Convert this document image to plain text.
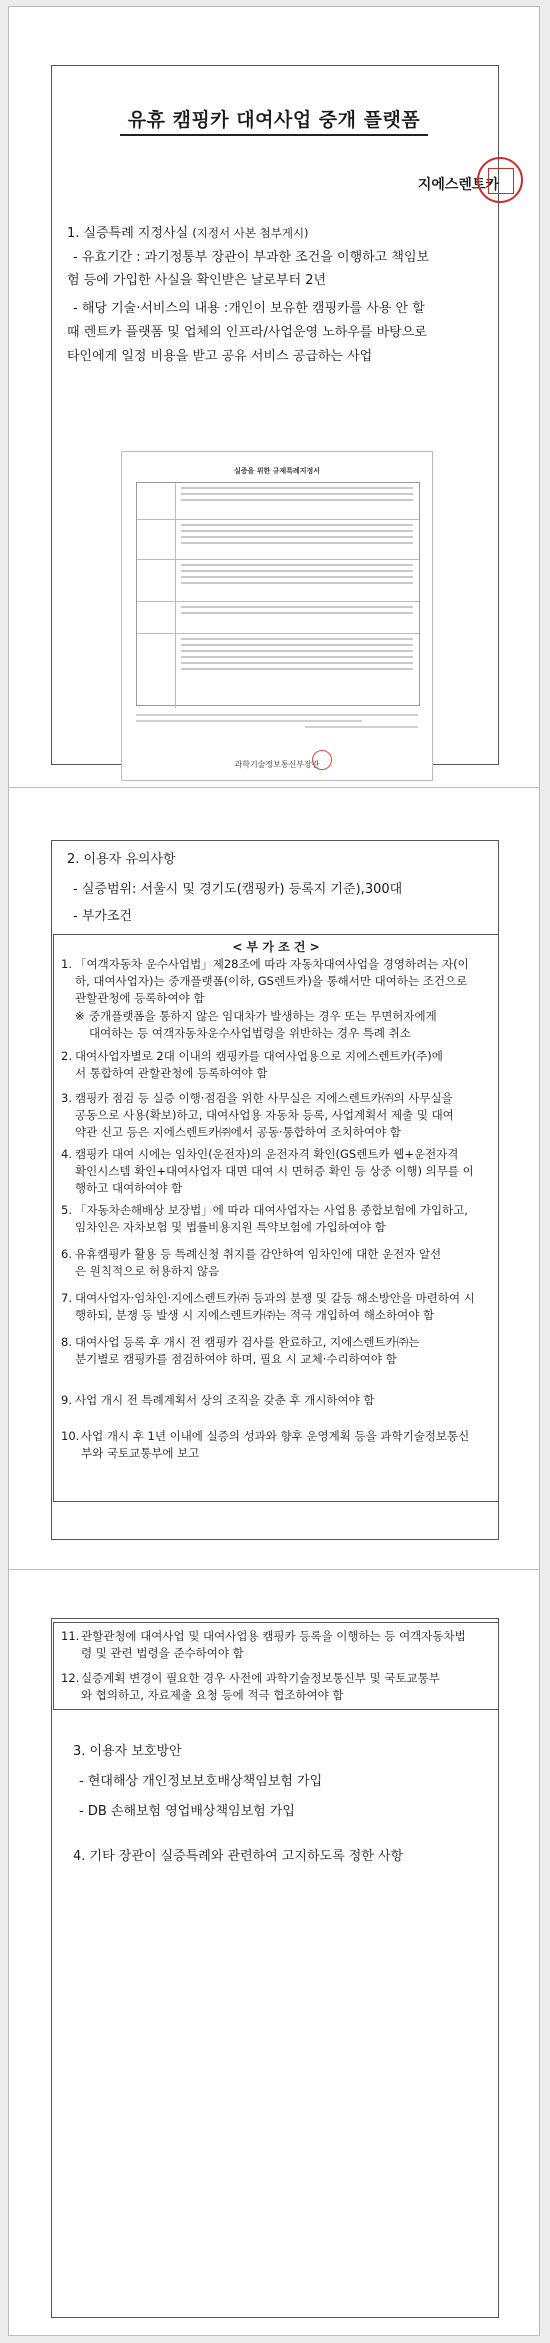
유휴 캠핑카 대여사업 중개 플랫폼
지에스렌트카
1. 실증특례 지정사실 (지정서 사본 첨부게시)
- 유효기간 : 과기정통부 장관이 부과한 조건을 이행하고 책임보
험 등에 가입한 사실을 확인받은 날로부터 2년
- 해당 기술·서비스의 내용 :개인이 보유한 캠핑카를 사용 안 할
때 렌트카 플랫폼 및 업체의 인프라/사업운영 노하우를 바탕으로
타인에게 일정 비용을 받고 공유 서비스 공급하는 사업
실증을 위한 규제특례지정서
과학기술정보통신부장관
2. 이용자 유의사항
- 실증범위: 서울시 및 경기도(캠핑카) 등록지 기준),300대
- 부가조건
< 부 가 조 건 >
1. 「여객자동차 운수사업법」제28조에 따라 자동차대여사업을 경영하려는 자(이
하, 대여사업자)는 중개플랫폼(이하, GS렌트카)을 통해서만 대여하는 조건으로
관할관청에 등록하여야 함
※ 중개플랫폼을 통하지 않은 임대차가 발생하는 경우 또는 무면허자에게
대여하는 등 여객자동차운수사업법령을 위반하는 경우 특례 취소
2. 대여사업자별로 2대 이내의 캠핑카를 대여사업용으로 지에스렌트카(주)에
서 통합하여 관할관청에 등록하여야 함
3. 캠핑카 점검 등 실증 이행·점검을 위한 사무실은 지에스렌트카㈜의 사무실을
공동으로 사용(확보)하고, 대여사업용 자동차 등록, 사업계획서 제출 및 대여
약관 신고 등은 지에스렌트카㈜에서 공동·통합하여 조치하여야 함
4. 캠핑카 대여 시에는 임차인(운전자)의 운전자격 확인(GS렌트카 웹+운전자격
확인시스템 확인+대여사업자 대면 대여 시 면허증 확인 등 상중 이행) 의무를 이
행하고 대여하여야 함
5. 「자동차손해배상 보장법」에 따라 대여사업자는 사업용 종합보험에 가입하고,
임차인은 자차보험 및 법률비용지원 특약보험에 가입하여야 함
6. 유휴캠핑카 활용 등 특례신청 취지를 감안하여 임차인에 대한 운전자 알선
은 원칙적으로 허용하지 않음
7. 대여사업자·임차인·지에스렌트카㈜ 등과의 분쟁 및 갈등 해소방안을 마련하여 시
행하되, 분쟁 등 발생 시 지에스렌트카㈜는 적극 개입하여 해소하여야 함
8. 대여사업 등록 후 개시 전 캠핑카 검사를 완료하고, 지에스렌트카㈜는
분기별로 캠핑카를 점검하여야 하며, 필요 시 교체·수리하여야 함
9. 사업 개시 전 특례계획서 상의 조직을 갖춘 후 개시하여야 함
10. 사업 개시 후 1년 이내에 실증의 성과와 향후 운영계획 등을 과학기술정보통신
부와 국토교통부에 보고
11. 관할관청에 대여사업 및 대여사업용 캠핑카 등록을 이행하는 등 여객자동차법
령 및 관련 법령을 준수하여야 함
12. 실증계획 변경이 필요한 경우 사전에 과학기술정보통신부 및 국토교통부
와 협의하고, 자료제출 요청 등에 적극 협조하여야 함
3. 이용자 보호방안
- 현대해상 개인정보보호배상책임보험 가입
- DB 손해보험 영업배상책임보험 가입
4. 기타 장관이 실증특례와 관련하여 고지하도록 정한 사항
